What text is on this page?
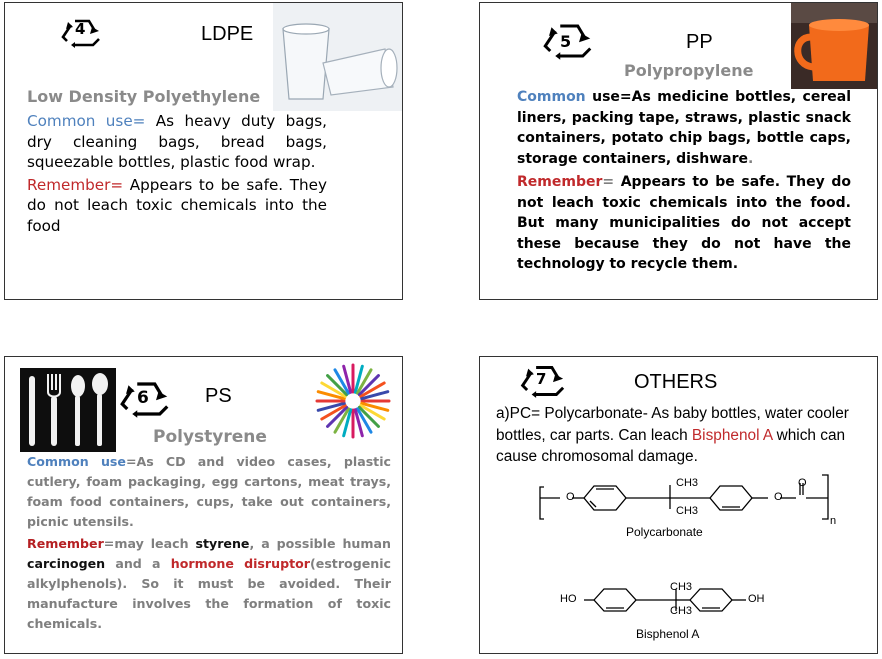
4	LDPE
Low Density Polyethylene

Common use= As heavy duty bags, dry cleaning bags, bread bags, squeezable bottles, plastic food wrap.

Remember= Appears to be safe. They do not leach toxic chemicals into the food

5	PP
Polypropylene

Common use=As medicine bottles, cereal liners, packing tape, straws, plastic snack containers, potato chip bags, bottle caps, storage containers, dishware.

Remember= Appears to be safe. They do not leach toxic chemicals into the food. But many municipalities do not accept these because they do not have the technology to recycle them.

6	PS
Polystyrene

Common use=As CD and video cases, plastic cutlery, foam packaging, egg cartons, meat trays, foam food containers, cups, take out containers, picnic utensils.

Remember=may leach styrene, a possible human carcinogen and a hormone disruptor(estrogenic alkylphenols). So it must be avoided. Their manufacture involves the formation of toxic chemicals.

7	OTHERS

a)PC= Polycarbonate- As baby bottles, water cooler bottles, car parts. Can leach Bisphenol A which can cause chromosomal damage.

O
CH3
CH3
O
O
n
Polycarbonate
HO
CH3
CH3
OH
Bisphenol A
